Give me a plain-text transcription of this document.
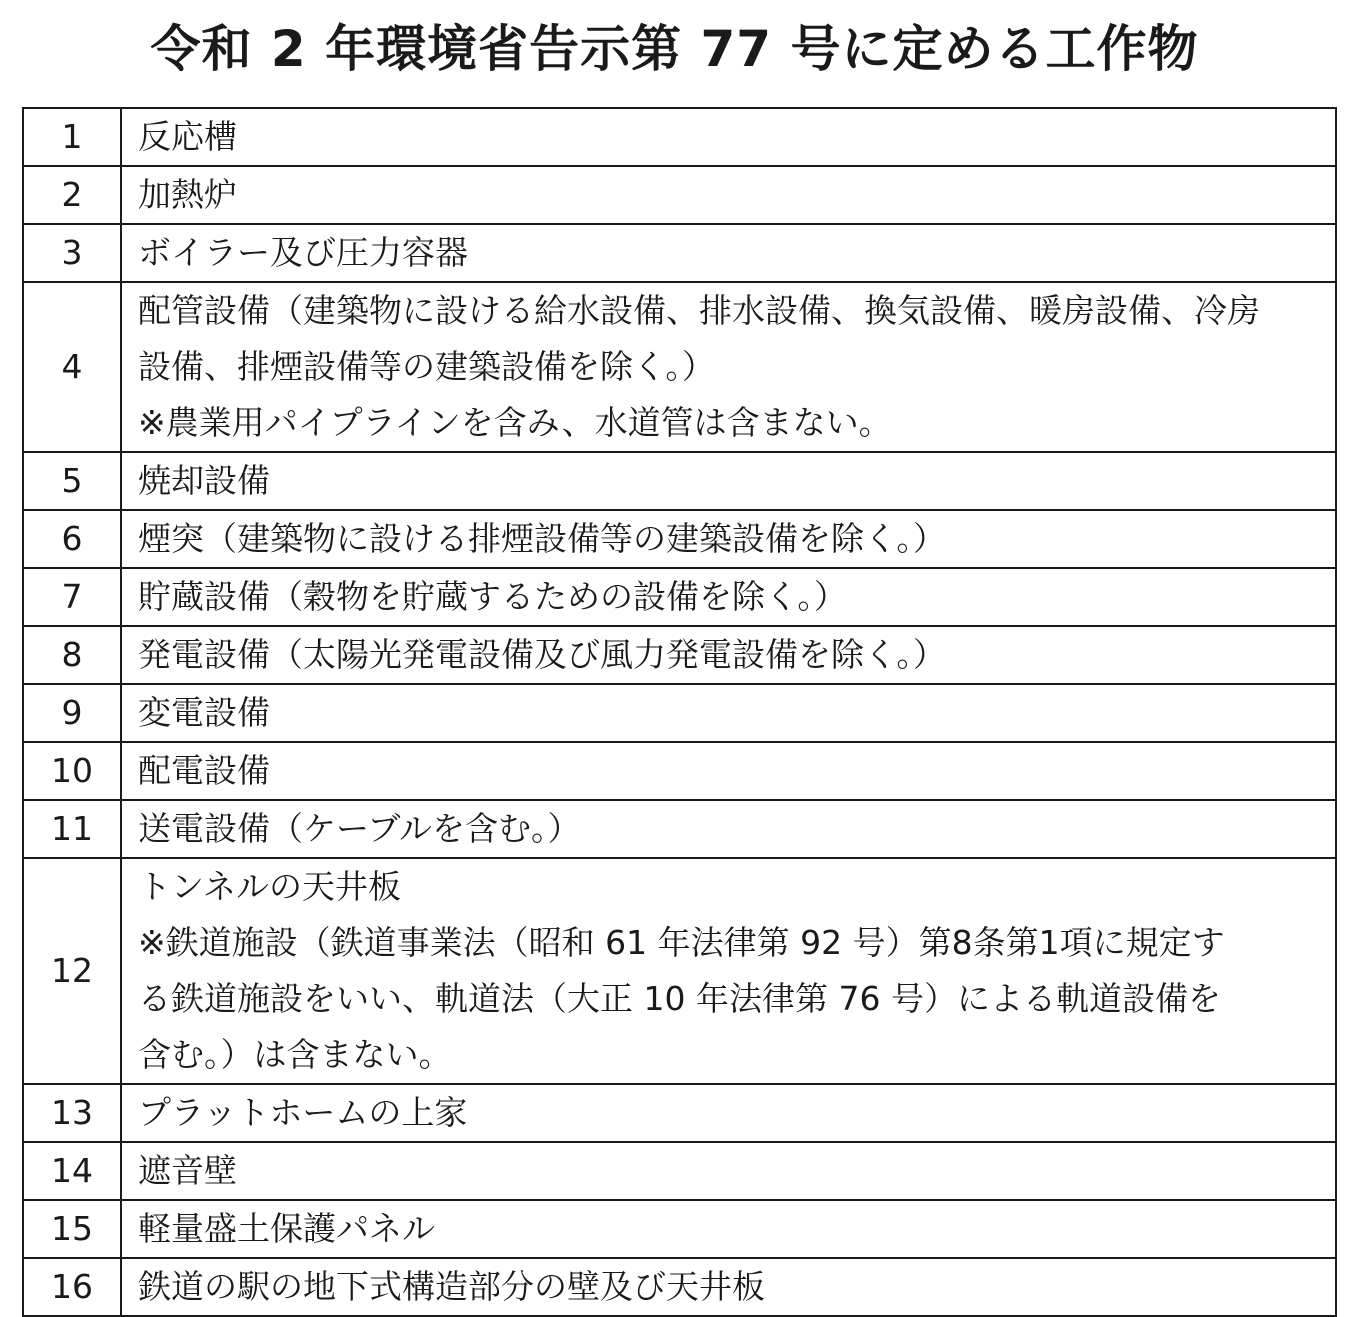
令和 2 年環境省告示第 77 号に定める工作物
1	反応槽

2	加熱炉

3	ボイラー及び圧力容器

4	配管設備（建築物に設ける給水設備、排水設備、換気設備、暖房設備、冷房
設備、排煙設備等の建築設備を除く。）
※農業用パイプラインを含み、水道管は含まない。

5	焼却設備

6	煙突（建築物に設ける排煙設備等の建築設備を除く。）

7	貯蔵設備（穀物を貯蔵するための設備を除く。）

8	発電設備（太陽光発電設備及び風力発電設備を除く。）

9	変電設備

10	配電設備

11	送電設備（ケーブルを含む。）

12	トンネルの天井板
※鉄道施設（鉄道事業法（昭和 61 年法律第 92 号）第8条第1項に規定す
る鉄道施設をいい、軌道法（大正 10 年法律第 76 号）による軌道設備を
含む。）は含まない。

13	プラットホームの上家

14	遮音壁

15	軽量盛土保護パネル

16	鉄道の駅の地下式構造部分の壁及び天井板
